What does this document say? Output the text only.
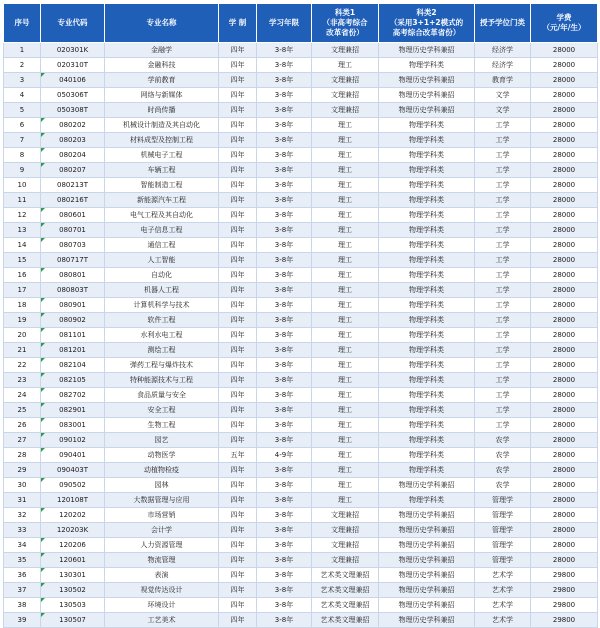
序号	专业代码	专业名称	学 制	学习年限	科类1
（非高考综合
改革省份）	科类2
（采用3+1+2模式的
高考综合改革省份）	授予学位门类	学费
（元/年/生）
1	020301K	金融学	四年	3-8年	文理兼招	物理历史学科兼招	经济学	28000
2	020310T	金融科技	四年	3-8年	理工	物理学科类	经济学	28000
3	040106	学前教育	四年	3-8年	文理兼招	物理历史学科兼招	教育学	28000
4	050306T	网络与新媒体	四年	3-8年	文理兼招	物理历史学科兼招	文学	28000
5	050308T	时尚传播	四年	3-8年	文理兼招	物理历史学科兼招	文学	28000
6	080202	机械设计制造及其自动化	四年	3-8年	理工	物理学科类	工学	28000
7	080203	材料成型及控制工程	四年	3-8年	理工	物理学科类	工学	28000
8	080204	机械电子工程	四年	3-8年	理工	物理学科类	工学	28000
9	080207	车辆工程	四年	3-8年	理工	物理学科类	工学	28000
10	080213T	智能制造工程	四年	3-8年	理工	物理学科类	工学	28000
11	080216T	新能源汽车工程	四年	3-8年	理工	物理学科类	工学	28000
12	080601	电气工程及其自动化	四年	3-8年	理工	物理学科类	工学	28000
13	080701	电子信息工程	四年	3-8年	理工	物理学科类	工学	28000
14	080703	通信工程	四年	3-8年	理工	物理学科类	工学	28000
15	080717T	人工智能	四年	3-8年	理工	物理学科类	工学	28000
16	080801	自动化	四年	3-8年	理工	物理学科类	工学	28000
17	080803T	机器人工程	四年	3-8年	理工	物理学科类	工学	28000
18	080901	计算机科学与技术	四年	3-8年	理工	物理学科类	工学	28000
19	080902	软件工程	四年	3-8年	理工	物理学科类	工学	28000
20	081101	水利水电工程	四年	3-8年	理工	物理学科类	工学	28000
21	081201	测绘工程	四年	3-8年	理工	物理学科类	工学	28000
22	082104	弹药工程与爆炸技术	四年	3-8年	理工	物理学科类	工学	28000
23	082105	特种能源技术与工程	四年	3-8年	理工	物理学科类	工学	28000
24	082702	食品质量与安全	四年	3-8年	理工	物理学科类	工学	28000
25	082901	安全工程	四年	3-8年	理工	物理学科类	工学	28000
26	083001	生物工程	四年	3-8年	理工	物理学科类	工学	28000
27	090102	园艺	四年	3-8年	理工	物理学科类	农学	28000
28	090401	动物医学	五年	4-9年	理工	物理学科类	农学	28000
29	090403T	动植物检疫	四年	3-8年	理工	物理学科类	农学	28000
30	090502	园林	四年	3-8年	理工	物理历史学科兼招	农学	28000
31	120108T	大数据管理与应用	四年	3-8年	理工	物理学科类	管理学	28000
32	120202	市场营销	四年	3-8年	文理兼招	物理历史学科兼招	管理学	28000
33	120203K	会计学	四年	3-8年	文理兼招	物理历史学科兼招	管理学	28000
34	120206	人力资源管理	四年	3-8年	文理兼招	物理历史学科兼招	管理学	28000
35	120601	物流管理	四年	3-8年	文理兼招	物理历史学科兼招	管理学	28000
36	130301	表演	四年	3-8年	艺术类文理兼招	物理历史学科兼招	艺术学	29800
37	130502	视觉传达设计	四年	3-8年	艺术类文理兼招	物理历史学科兼招	艺术学	29800
38	130503	环境设计	四年	3-8年	艺术类文理兼招	物理历史学科兼招	艺术学	29800
39	130507	工艺美术	四年	3-8年	艺术类文理兼招	物理历史学科兼招	艺术学	29800
